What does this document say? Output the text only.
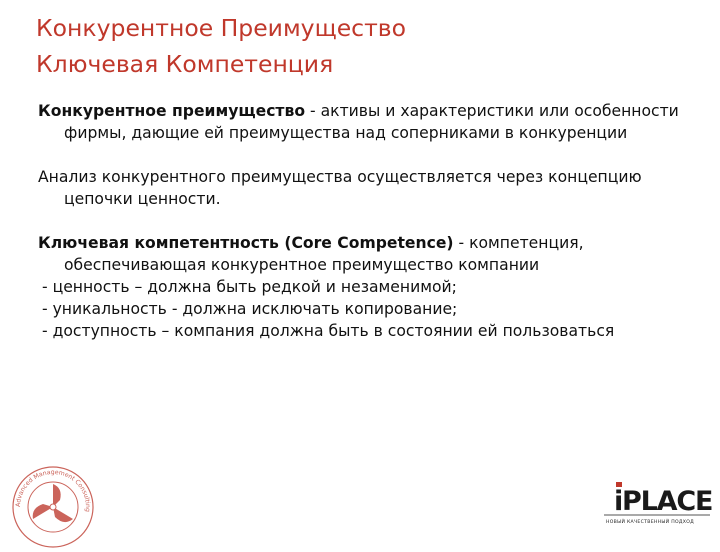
Конкурентное Преимущество
Ключевая Компетенция

Конкурентное преимущество - активы и характеристики или особенности фирмы, дающие ей преимущества над соперниками в конкуренции

Анализ конкурентного преимущества осуществляется через концепцию цепочки ценности.

Ключевая компетентность (Core Competence) - компетенция, обеспечивающая конкурентное преимущество компании

- ценность – должна быть редкой и незаменимой;

- уникальность - должна исключать копирование;

- доступность – компания должна быть в состоянии ей пользоваться

Advanced Management Consulting	iPLACE
НОВЫЙ КАЧЕСТВЕННЫЙ ПОДХОД
